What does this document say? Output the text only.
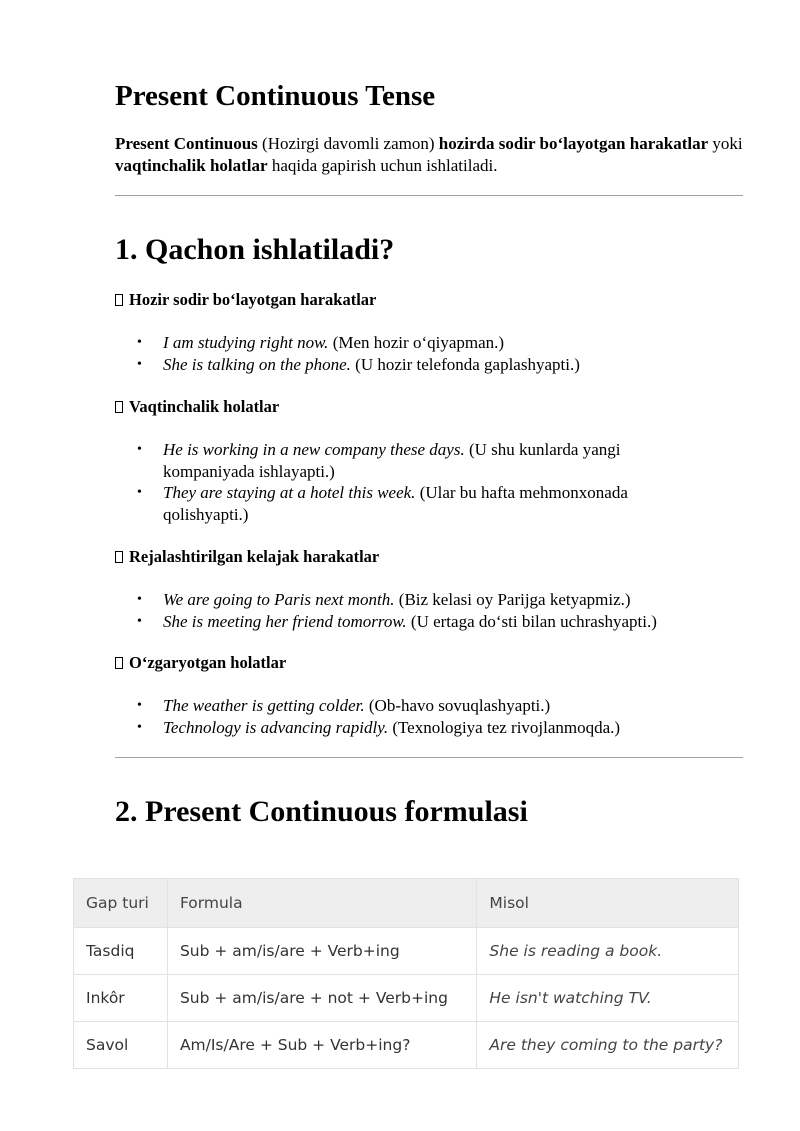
Present Continuous Tense

Present Continuous (Hozirgi davomli zamon) hozirda sodir bo‘layotgan harakatlar yoki vaqtinchalik holatlar haqida gapirish uchun ishlatiladi.

1. Qachon ishlatiladi?
Hozir sodir bo‘layotgan harakatlar
• I am studying right now. (Men hozir o‘qiyapman.)
• She is talking on the phone. (U hozir telefonda gaplashyapti.)
Vaqtinchalik holatlar
• He is working in a new company these days. (U shu kunlarda yangi kompaniyada ishlayapti.)
• They are staying at a hotel this week. (Ular bu hafta mehmonxonada qolishyapti.)
Rejalashtirilgan kelajak harakatlar
• We are going to Paris next month. (Biz kelasi oy Parijga ketyapmiz.)
• She is meeting her friend tomorrow. (U ertaga do‘sti bilan uchrashyapti.)
O‘zgaryotgan holatlar
• The weather is getting colder. (Ob-havo sovuqlashyapti.)
• Technology is advancing rapidly. (Texnologiya tez rivojlanmoqda.)
2. Present Continuous formulasi
Gap turi	Formula	Misol
Tasdiq	Sub + am/is/are + Verb+ing	She is reading a book.
Inkôr	Sub + am/is/are + not + Verb+ing	He isn't watching TV.
Savol	Am/Is/Are + Sub + Verb+ing?	Are they coming to the party?
